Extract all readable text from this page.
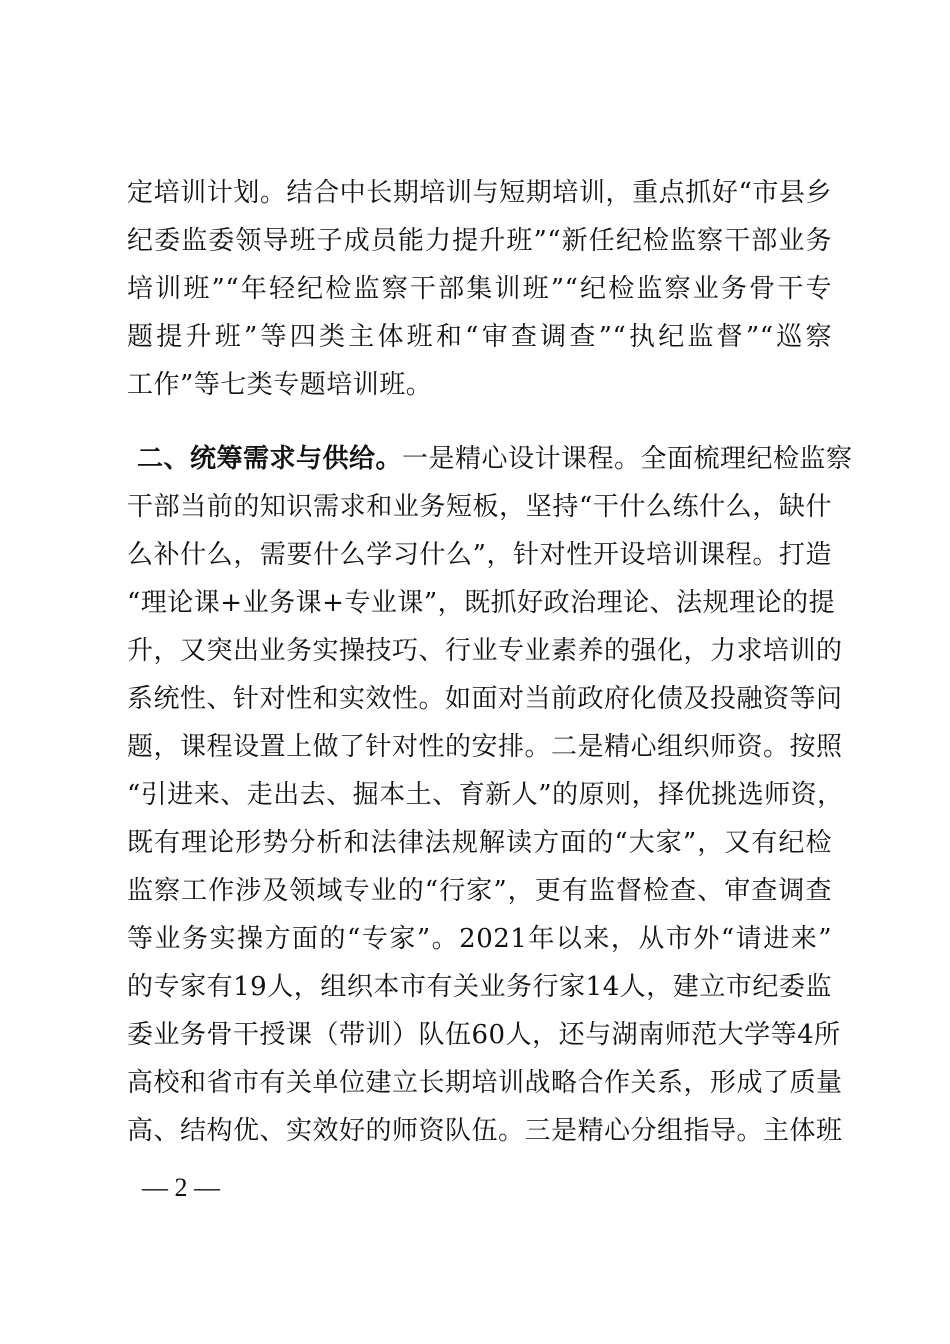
定培训计划。结合中长期培训与短期培训，重点抓好“市县乡
纪委监委领导班子成员能力提升班”“新任纪检监察干部业务
培训班”“年轻纪检监察干部集训班”“纪检监察业务骨干专
题提升班”等四类主体班和“审查调查”“执纪监督”“巡察
工作”等七类专题培训班。
二、统筹需求与供给。一是精心设计课程。全面梳理纪检监察
干部当前的知识需求和业务短板，坚持“干什么练什么，缺什
么补什么，需要什么学习什么”，针对性开设培训课程。打造
“理论课+业务课+专业课”，既抓好政治理论、法规理论的提
升，又突出业务实操技巧、行业专业素养的强化，力求培训的
系统性、针对性和实效性。如面对当前政府化债及投融资等问
题，课程设置上做了针对性的安排。二是精心组织师资。按照
“引进来、走出去、掘本土、育新人”的原则，择优挑选师资，
既有理论形势分析和法律法规解读方面的“大家”，又有纪检
监察工作涉及领域专业的“行家”，更有监督检查、审查调查
等业务实操方面的“专家”。2021年以来，从市外“请进来”
的专家有19人，组织本市有关业务行家14人，建立市纪委监
委业务骨干授课（带训）队伍60人，还与湖南师范大学等4所
高校和省市有关单位建立长期培训战略合作关系，形成了质量
高、结构优、实效好的师资队伍。三是精心分组指导。主体班
— 2 —
